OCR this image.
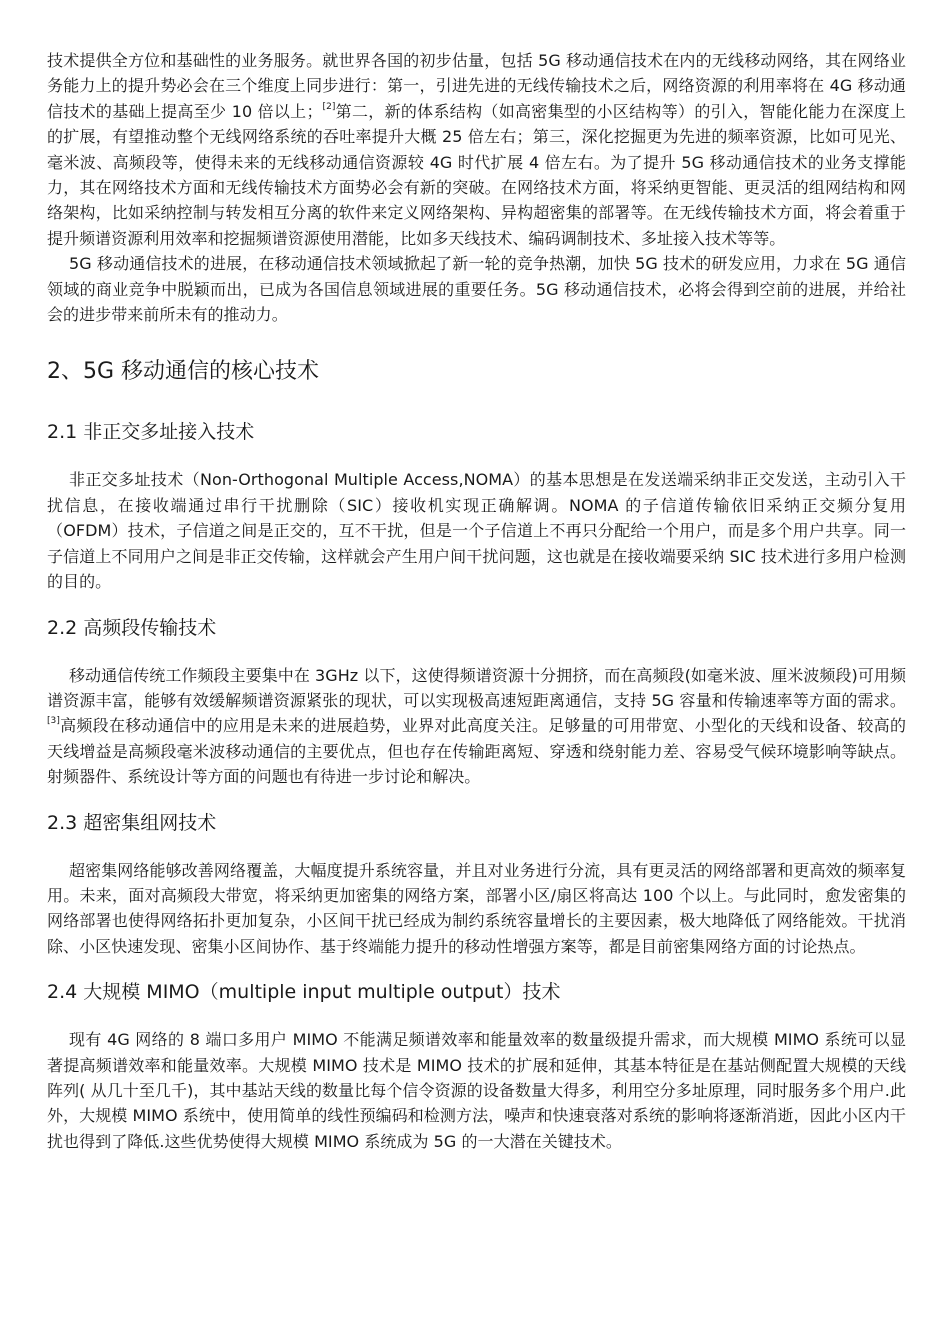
技术提供全方位和基础性的业务服务。就世界各国的初步估量，包括 5G 移动通信技术在内的无线移动网络，其在网络业务能力上的提升势必会在三个维度上同步进行：第一，引进先进的无线传输技术之后，网络资源的利用率将在 4G 移动通信技术的基础上提高至少 10 倍以上；[2]第二，新的体系结构（如高密集型的小区结构等）的引入，智能化能力在深度上的扩展，有望推动整个无线网络系统的吞吐率提升大概 25 倍左右；第三，深化挖掘更为先进的频率资源，比如可见光、毫米波、高频段等，使得未来的无线移动通信资源较 4G 时代扩展 4 倍左右。为了提升 5G 移动通信技术的业务支撑能力，其在网络技术方面和无线传输技术方面势必会有新的突破。在网络技术方面，将采纳更智能、更灵活的组网结构和网络架构，比如采纳控制与转发相互分离的软件来定义网络架构、异构超密集的部署等。在无线传输技术方面，将会着重于提升频谱资源利用效率和挖掘频谱资源使用潜能，比如多天线技术、编码调制技术、多址接入技术等等。

5G 移动通信技术的进展，在移动通信技术领域掀起了新一轮的竞争热潮，加快 5G 技术的研发应用，力求在 5G 通信领域的商业竞争中脱颖而出，已成为各国信息领域进展的重要任务。5G 移动通信技术，必将会得到空前的进展，并给社会的进步带来前所未有的推动力。

2、5G 移动通信的核心技术
2.1 非正交多址接入技术

非正交多址技术（Non-Orthogonal Multiple Access,NOMA）的基本思想是在发送端采纳非正交发送，主动引入干扰信息，在接收端通过串行干扰删除（SIC）接收机实现正确解调。NOMA 的子信道传输依旧采纳正交频分复用（OFDM）技术，子信道之间是正交的，互不干扰，但是一个子信道上不再只分配给一个用户，而是多个用户共享。同一子信道上不同用户之间是非正交传输，这样就会产生用户间干扰问题，这也就是在接收端要采纳 SIC 技术进行多用户检测的目的。

2.2 高频段传输技术

移动通信传统工作频段主要集中在 3GHz 以下，这使得频谱资源十分拥挤，而在高频段(如毫米波、厘米波频段)可用频谱资源丰富，能够有效缓解频谱资源紧张的现状，可以实现极高速短距离通信，支持 5G 容量和传输速率等方面的需求。[3]高频段在移动通信中的应用是未来的进展趋势，业界对此高度关注。足够量的可用带宽、小型化的天线和设备、较高的天线增益是高频段毫米波移动通信的主要优点，但也存在传输距离短、穿透和绕射能力差、容易受气候环境影响等缺点。射频器件、系统设计等方面的问题也有待进一步讨论和解决。

2.3 超密集组网技术

超密集网络能够改善网络覆盖，大幅度提升系统容量，并且对业务进行分流，具有更灵活的网络部署和更高效的频率复用。未来，面对高频段大带宽，将采纳更加密集的网络方案，部署小区/扇区将高达 100 个以上。与此同时，愈发密集的网络部署也使得网络拓扑更加复杂，小区间干扰已经成为制约系统容量增长的主要因素，极大地降低了网络能效。干扰消除、小区快速发现、密集小区间协作、基于终端能力提升的移动性增强方案等，都是目前密集网络方面的讨论热点。

2.4 大规模 MIMO（multiple input multiple output）技术

现有 4G 网络的 8 端口多用户 MIMO 不能满足频谱效率和能量效率的数量级提升需求，而大规模 MIMO 系统可以显著提高频谱效率和能量效率。大规模 MIMO 技术是 MIMO 技术的扩展和延伸，其基本特征是在基站侧配置大规模的天线阵列( 从几十至几千)，其中基站天线的数量比每个信令资源的设备数量大得多，利用空分多址原理，同时服务多个用户.此外，大规模 MIMO 系统中，使用简单的线性预编码和检测方法，噪声和快速衰落对系统的影响将逐渐消逝，因此小区内干扰也得到了降低.这些优势使得大规模 MIMO 系统成为 5G 的一大潜在关键技术。
